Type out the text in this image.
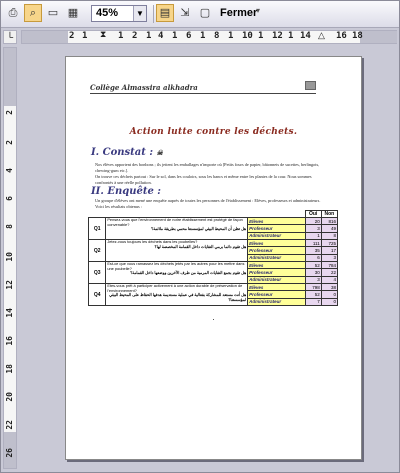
⎙	⌕	▭ ▦	45%	▼	▤ ⇲ ▢ Fermer
▾
└	2 1 ⧗ 1 2 1 4 1 6 1 8 1 10 1 12 1 14 △ 16 18
2
2
4
6
8
10
12
14
16
18
20
22
26
Collège Almassira alkhadra
Action lutte contre les déchets.
I. Constat : ☠
Nos élèves apportent des bonbons ; ils jettent les emballages n'importe où [Petits fours de papier, bâtonnets de sucettes, berlingots, chewing-gum etc.].
On trouve ces déchets partout : Sur le sol, dans les couloirs, sous les bancs et même entre les plantes de la cour. Nous sommes confrontés à une réelle pollution.
II. Enquête :
Un groupe d'élèves ont mené une enquête auprès de toutes les personnes de l'établissement : Elèves, professeurs et administrateurs. Voici les résultats obtenus :
			Oui	Non
Q1	Pensez-vous que l'environnement de notre établissement est protégé de façon convenable?
هل تظن أن المحيط البيئي لمؤسستنا محمي بطريقة ملائمة؟	Elèves	20	816
		Professeur	3	49
		Administrateur	1	8
Q2	Jetez-vous toujours les déchets dans les poubelles?
هل تقوم دائما برمي النفايات داخل القمامة المخصصة لها؟	Elèves	111	725
		Professeur	35	17
		Administrateur	6	3
Q3	Est-ce que vous ramassez les déchets jetés par les autres pour les mettre dans une poubelle?
هل تقوم بجمع النفايات المرمية من طرف الآخرين ووضعها داخل القمامة؟	Elèves	52	784
		Professeur	30	22
		Administrateur	3	4
Q4	Etes-vous prêt à participer activement à une action durable de préservation de l'environnement?
هل أنت مستعد للمشاركة بفعالية في عملية مستديمة هدفها الحفاظ على المحيط البيئي لمؤسستنا؟	Elèves	798	38
		Professeur	52	0
		Administrateur	7	0
